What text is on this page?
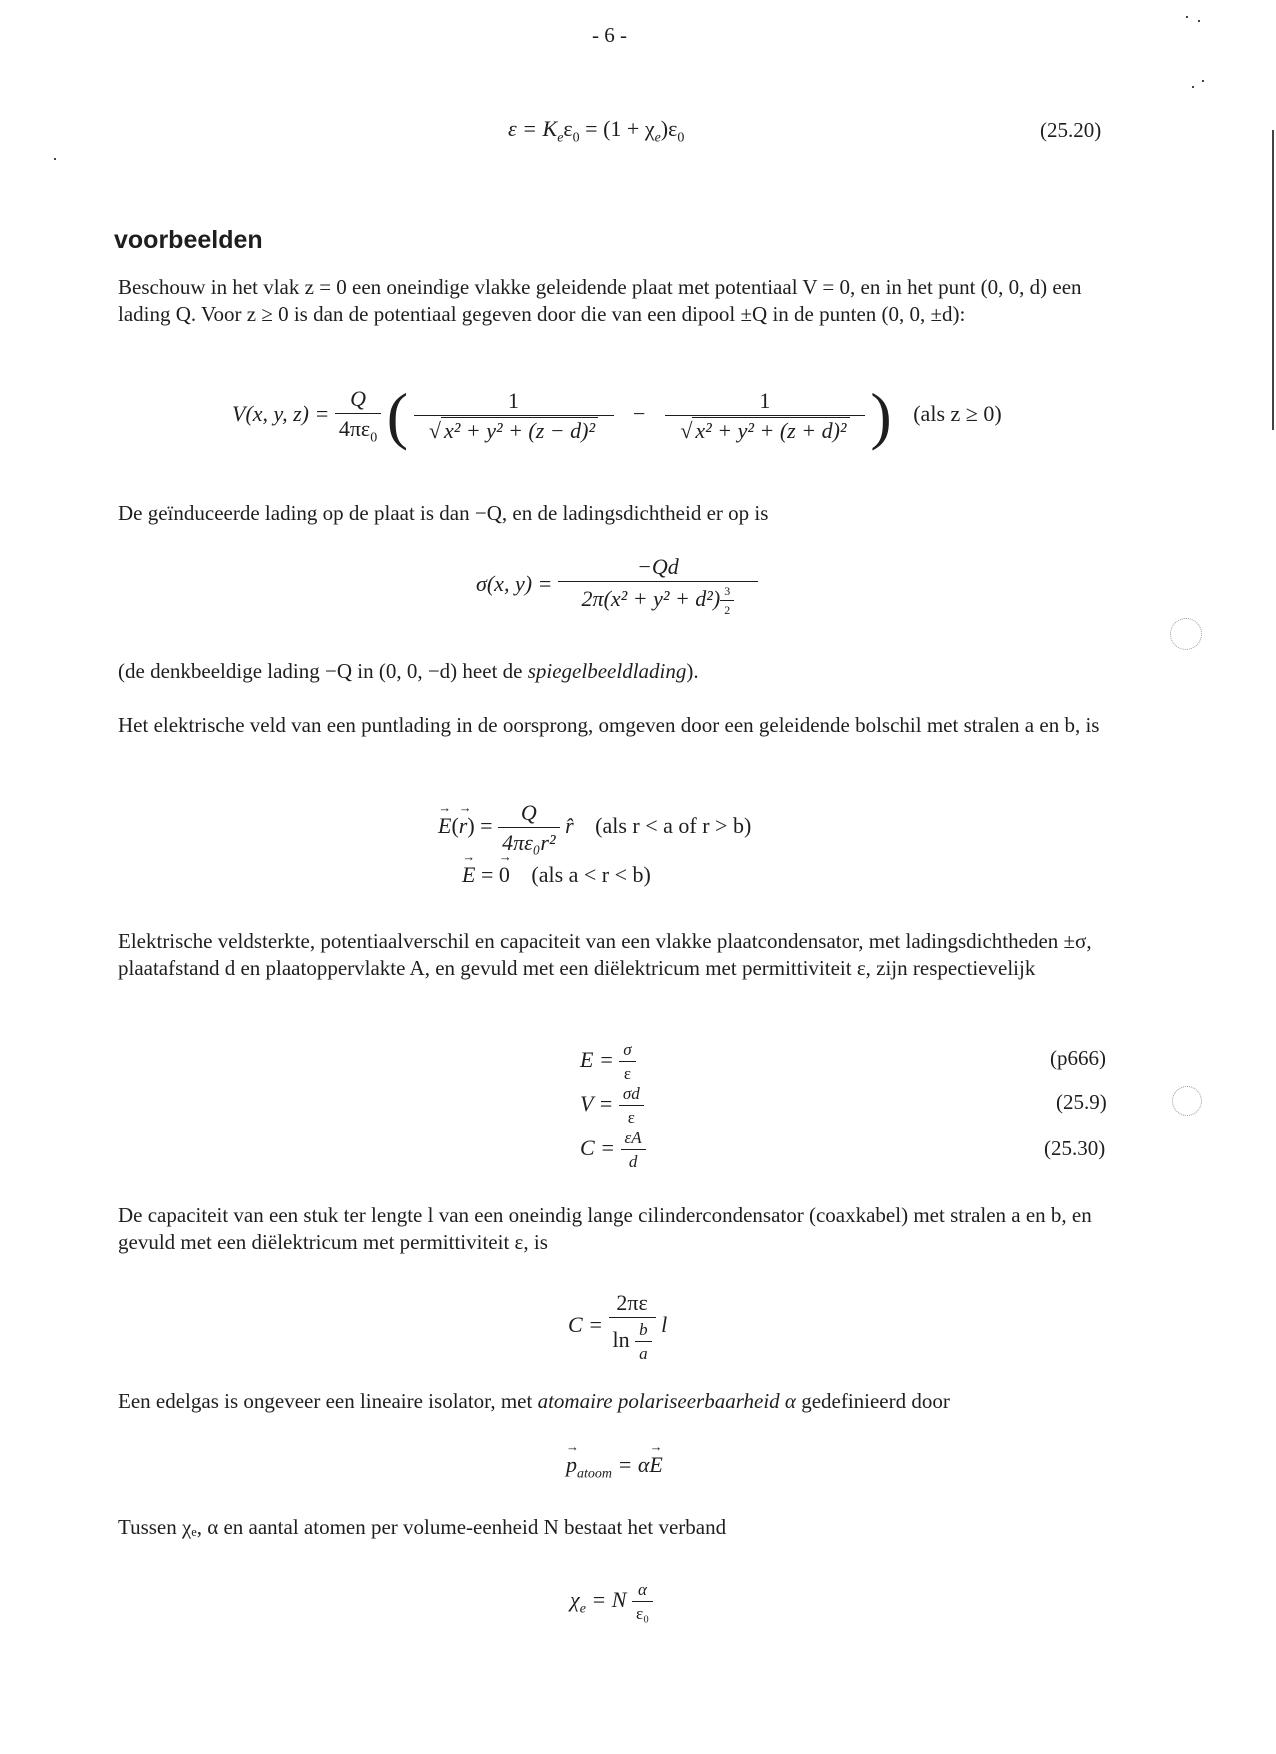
- 6 -
$\varepsilon = K_e\varepsilon_0 = (1 + \chi_e)\varepsilon_0$	(25.20)
voorbeelden
Beschouw in het vlak z = 0 een oneindige vlakke geleidende plaat met potentiaal V = 0, en in het punt (0, 0, d) een lading Q. Voor z ≥ 0 is dan de potentiaal gegeven door die van een dipool ±Q in de punten (0, 0, ±d):
V(x, y, $z) = \frac{Q}{4\pi\varepsilon_0}$ ( $\frac{1}{\text{√ x² + y² + (z − d)²}} - \frac{1}{\text{√ x² + y² + (z + d)²}}$ ) (als z ≥ 0)
De geïnduceerde lading op de plaat is dan −Q, en de ladingsdichtheid er op is
σ(x, $y) = \frac{-Qd}{2\pi(x^2 + y^2 + d^2) \frac{3}{2}}$
(de denkbeeldige lading −Q in (0, 0, −d) heet de spiegelbeeldlading).
Het elektrische veld van een puntlading in de oorsprong, omgeven door een geleidende bolschil met stralen a en b, is
→ $E(\to r) = \frac{Q}{\text{4πε₀r²}}$ r̂ (als r < a of r > b)
→ E = → 0 (als a < r < b)
Elektrische veldsterkte, potentiaalverschil en capaciteit van een vlakke plaatcondensator, met ladingsdichtheden ±σ, plaatafstand d en plaatoppervlakte A, en gevuld met een diëlektricum met permittiviteit ε, zijn respectievelijk
$E = \frac{\sigma}{\varepsilon}$	(p666)
$V = \frac{\sigma d}{\varepsilon}$	(25.9)
$C = \frac{\varepsilon A}{d}$	(25.30)
De capaciteit van een stuk ter lengte l van een oneindig lange cilindercondensator (coaxkabel) met stralen a en b, en gevuld met een diëlektricum met permittiviteit ε, is
$C = \frac{2\pi\varepsilon}{\ln \frac{b}{a}}$ l
Een edelgas is ongeveer een lineaire isolator, met atomaire polariseerbaarheid α gedefinieerd door
→ $p_{atoom} = \alpha\to E$
Tussen χₑ, α en aantal atomen per volume-eenheid N bestaat het verband
$\chi_e = N \frac{\alpha}{\text{ε₀}}$
